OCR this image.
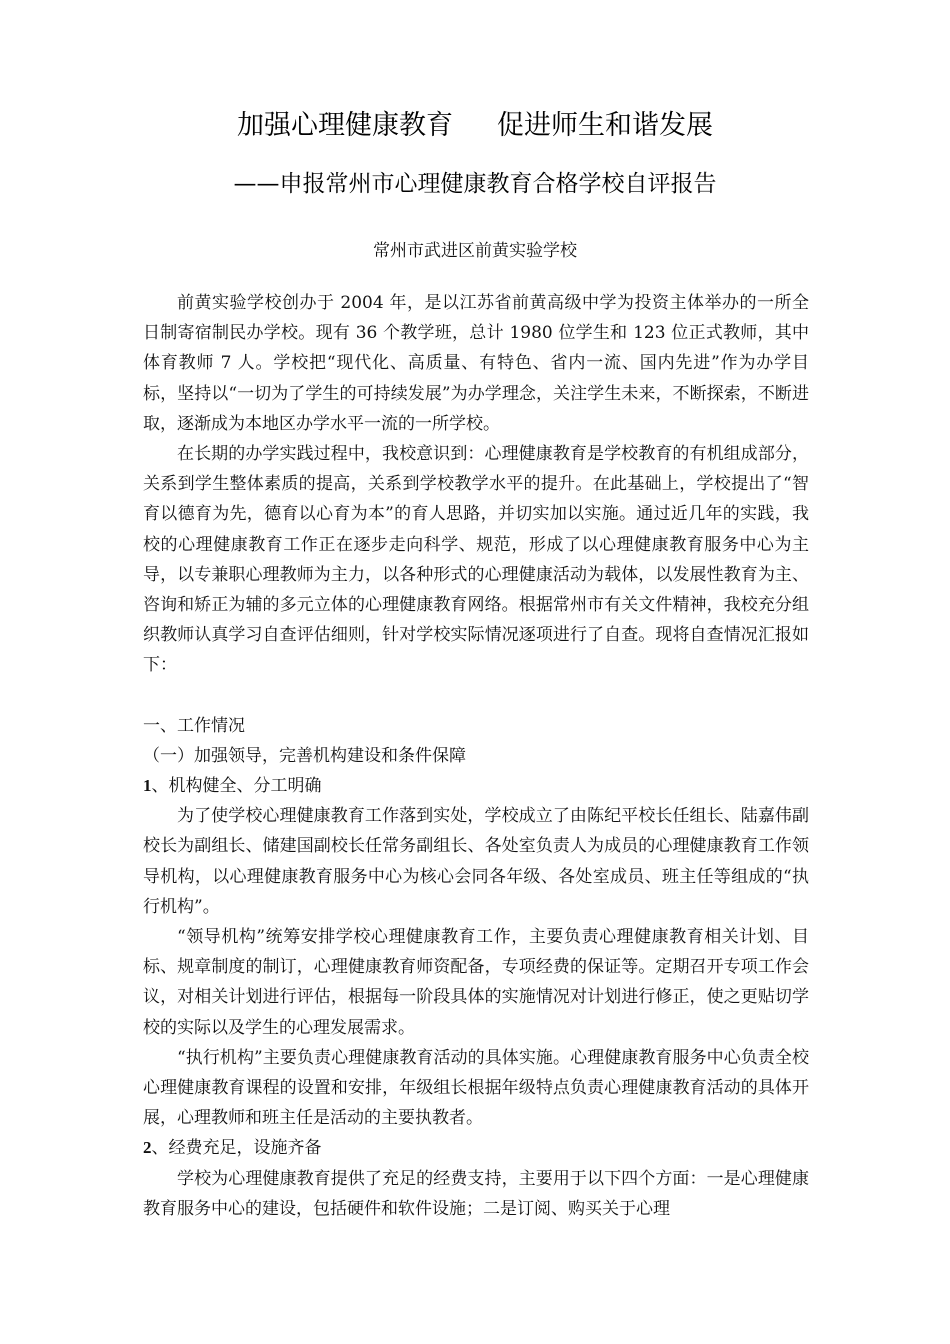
加强心理健康教育 促进师生和谐发展
——申报常州市心理健康教育合格学校自评报告
常州市武进区前黄实验学校

前黄实验学校创办于 2004 年，是以江苏省前黄高级中学为投资主体举办的一所全日制寄宿制民办学校。现有 36 个教学班，总计 1980 位学生和 123 位正式教师，其中体育教师 7 人。学校把“现代化、高质量、有特色、省内一流、国内先进”作为办学目标，坚持以“一切为了学生的可持续发展”为办学理念，关注学生未来，不断探索，不断进取，逐渐成为本地区办学水平一流的一所学校。

在长期的办学实践过程中，我校意识到：心理健康教育是学校教育的有机组成部分，关系到学生整体素质的提高，关系到学校教学水平的提升。在此基础上，学校提出了“智育以德育为先，德育以心育为本”的育人思路，并切实加以实施。通过近几年的实践，我校的心理健康教育工作正在逐步走向科学、规范，形成了以心理健康教育服务中心为主导，以专兼职心理教师为主力，以各种形式的心理健康活动为载体，以发展性教育为主、咨询和矫正为辅的多元立体的心理健康教育网络。根据常州市有关文件精神，我校充分组织教师认真学习自查评估细则，针对学校实际情况逐项进行了自查。现将自查情况汇报如下：

一、工作情况

（一）加强领导，完善机构建设和条件保障

1、机构健全、分工明确

为了使学校心理健康教育工作落到实处，学校成立了由陈纪平校长任组长、陆嘉伟副校长为副组长、储建国副校长任常务副组长、各处室负责人为成员的心理健康教育工作领导机构，以心理健康教育服务中心为核心会同各年级、各处室成员、班主任等组成的“执行机构”。

“领导机构”统筹安排学校心理健康教育工作，主要负责心理健康教育相关计划、目标、规章制度的制订，心理健康教育师资配备，专项经费的保证等。定期召开专项工作会议，对相关计划进行评估，根据每一阶段具体的实施情况对计划进行修正，使之更贴切学校的实际以及学生的心理发展需求。

“执行机构”主要负责心理健康教育活动的具体实施。心理健康教育服务中心负责全校心理健康教育课程的设置和安排，年级组长根据年级特点负责心理健康教育活动的具体开展，心理教师和班主任是活动的主要执教者。

2、经费充足，设施齐备

学校为心理健康教育提供了充足的经费支持，主要用于以下四个方面：一是心理健康教育服务中心的建设，包括硬件和软件设施；二是订阅、购买关于心理
